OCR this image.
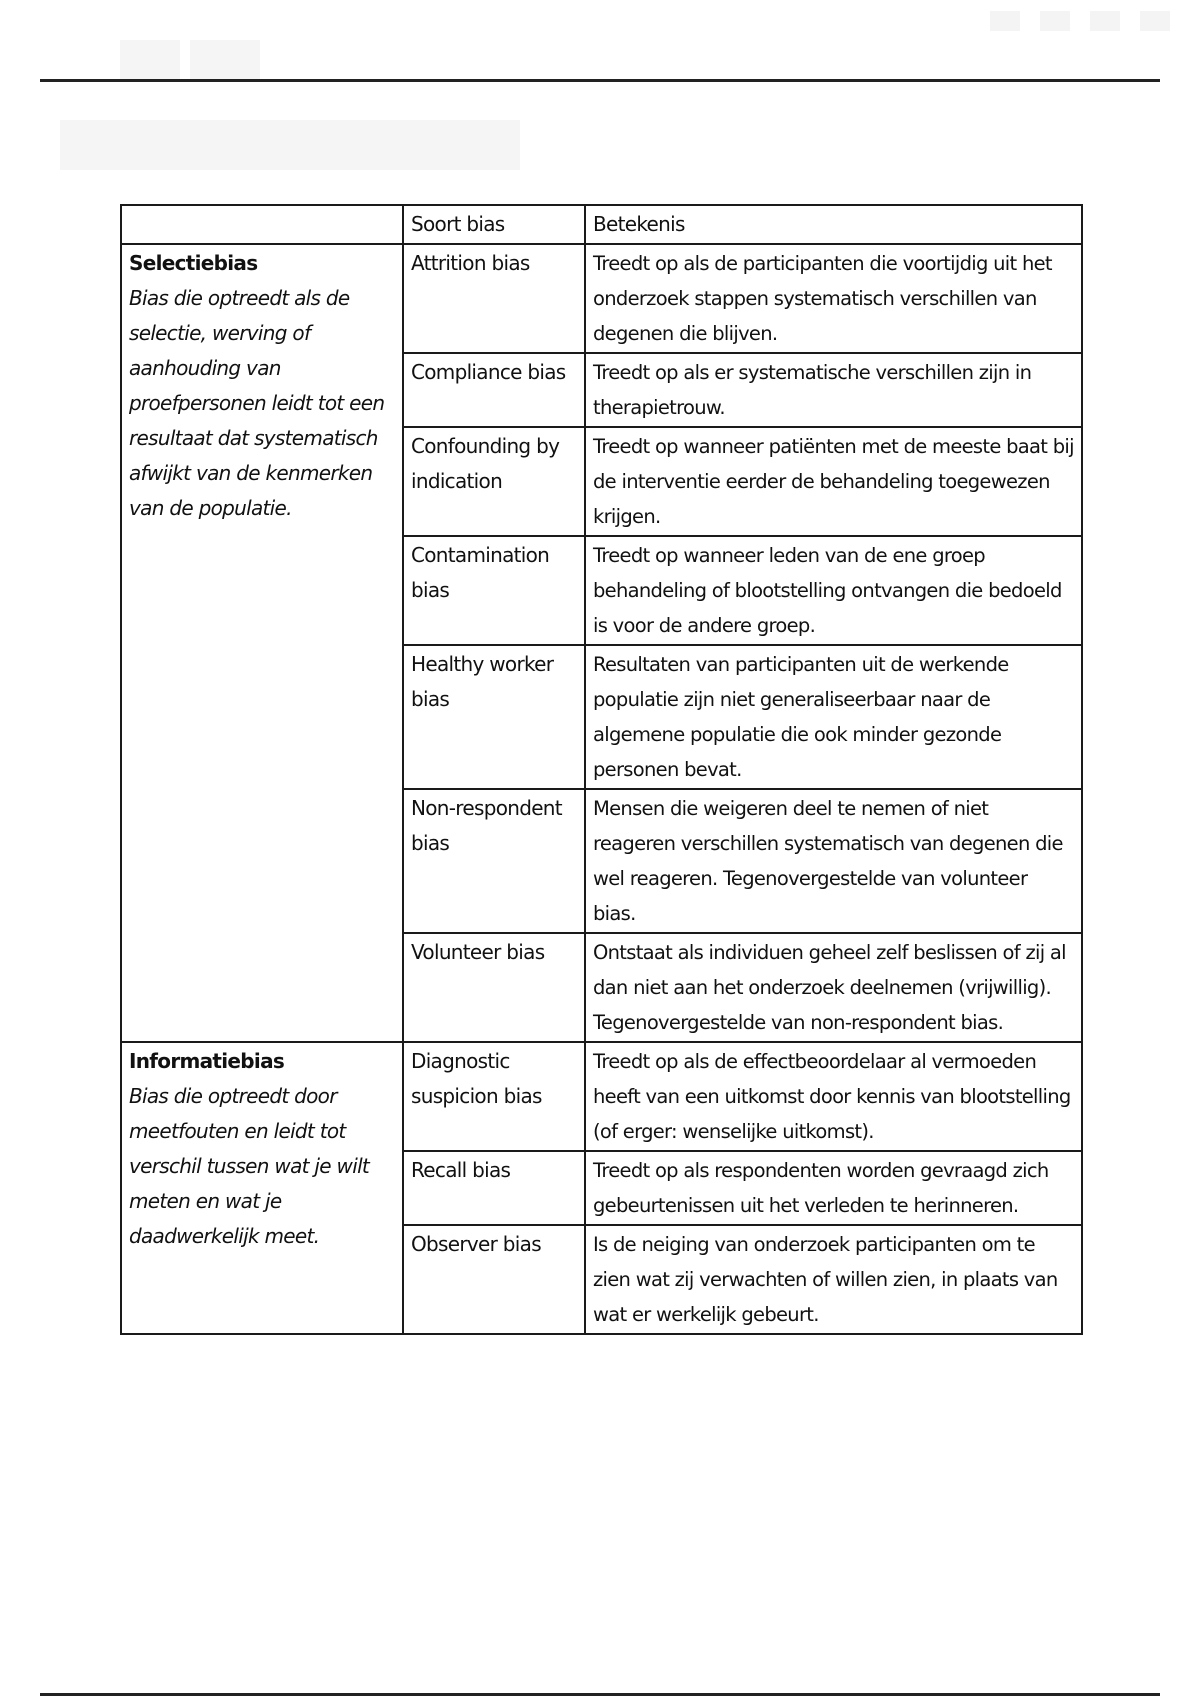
	Soort bias	Betekenis

Selectiebias
Bias die optreedt als de selectie, werving of aanhouding van proefpersonen leidt tot een resultaat dat systematisch afwijkt van de kenmerken van de populatie.	Attrition bias	Treedt op als de participanten die voortijdig uit het onderzoek stappen systematisch verschillen van degenen die blijven.
	Compliance bias	Treedt op als er systematische verschillen zijn in therapietrouw.
	Confounding by indication	Treedt op wanneer patiënten met de meeste baat bij de interventie eerder de behandeling toegewezen krijgen.
	Contamination bias	Treedt op wanneer leden van de ene groep behandeling of blootstelling ontvangen die bedoeld is voor de andere groep.
	Healthy worker bias	Resultaten van participanten uit de werkende populatie zijn niet generaliseerbaar naar de algemene populatie die ook minder gezonde personen bevat.
	Non-respondent bias	Mensen die weigeren deel te nemen of niet reageren verschillen systematisch van degenen die wel reageren. Tegenovergestelde van volunteer bias.
	Volunteer bias	Ontstaat als individuen geheel zelf beslissen of zij al dan niet aan het onderzoek deelnemen (vrijwillig). Tegenovergestelde van non-respondent bias.

Informatiebias
Bias die optreedt door meetfouten en leidt tot verschil tussen wat je wilt meten en wat je daadwerkelijk meet.	Diagnostic suspicion bias	Treedt op als de effectbeoordelaar al vermoeden heeft van een uitkomst door kennis van blootstelling (of erger: wenselijke uitkomst).
	Recall bias	Treedt op als respondenten worden gevraagd zich gebeurtenissen uit het verleden te herinneren.
	Observer bias	Is de neiging van onderzoek participanten om te zien wat zij verwachten of willen zien, in plaats van wat er werkelijk gebeurt.
